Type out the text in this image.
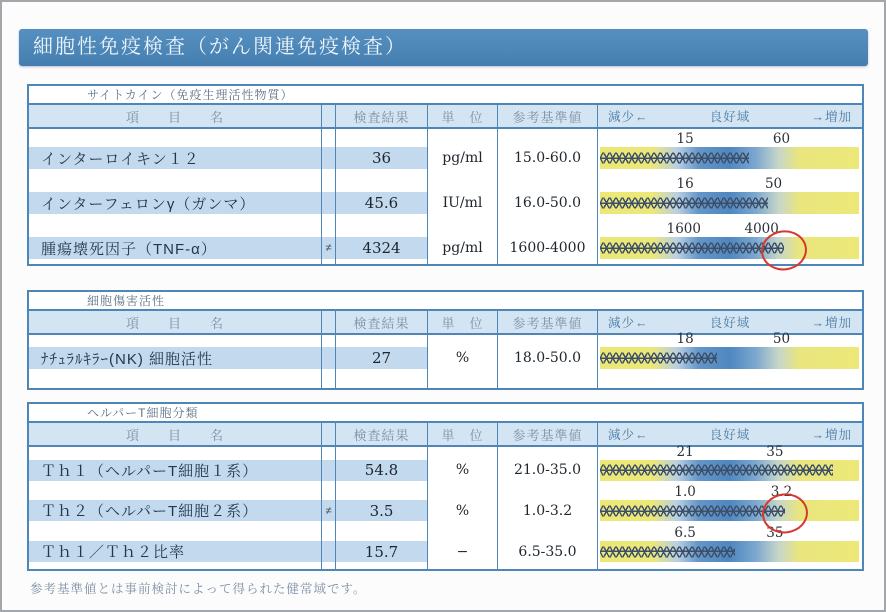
細胞性免疫検査（がん関連免疫検査）
サイトカイン（免疫生理活性物質）
項　　目　　名	検査結果	単　位	参考基準値	減少←	良好域	→増加
インターロイキン１２	36	pg/ml	15.0-60.0
15	60
インターフェロンγ（ガンマ）	45.6	IU/ml	16.0-50.0
16	50
腫瘍壊死因子（TNF-α）	≠	4324	pg/ml	1600-4000
1600	4000
細胞傷害活性
項　　目　　名	検査結果	単　位	参考基準値	減少←	良好域	→増加
ﾅﾁｭﾗﾙｷﾗｰ(NK) 細胞活性	27	%	18.0-50.0
18	50
ヘルパーT細胞分類
項　　目　　名	検査結果	単　位	参考基準値	減少←	良好域	→増加
Ｔｈ１（ヘルパーT細胞１系）	54.8	%	21.0-35.0
21	35
Ｔｈ２（ヘルパーT細胞２系）	≠	3.5	%	1.0-3.2
1.0	3.2
Ｔｈ１／Ｔｈ２比率	15.7	−	6.5-35.0
6.5	35
参考基準値とは事前検討によって得られた健常域です。
